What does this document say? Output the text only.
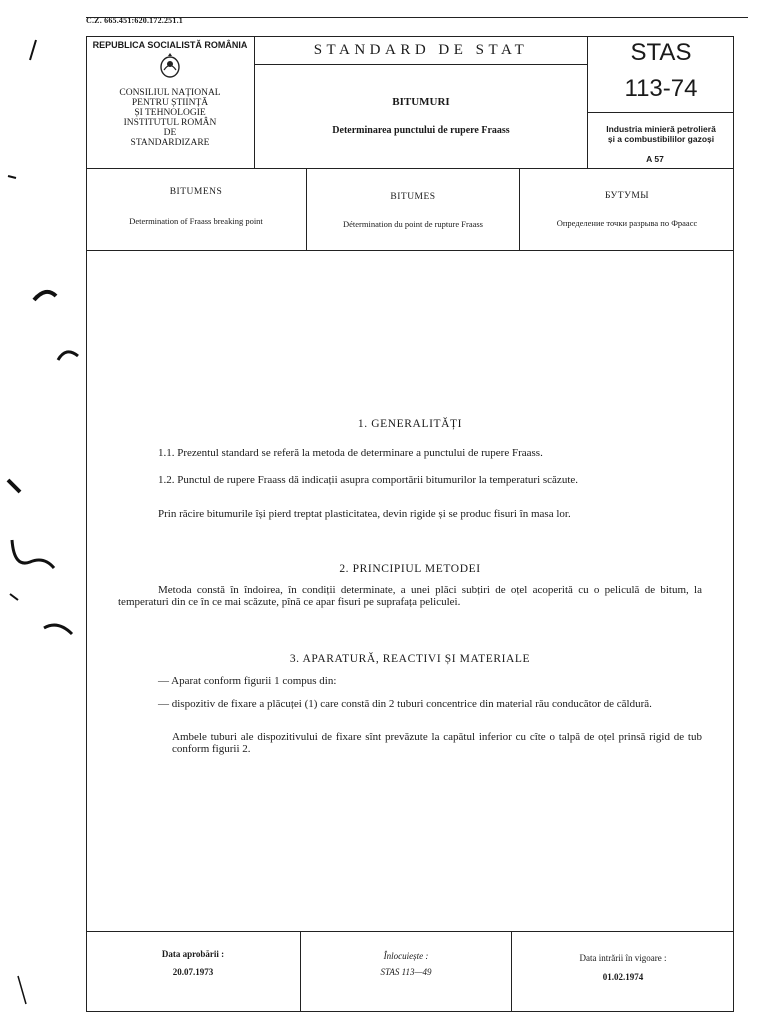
C.Z. 665.451:620.172.251.1
REPUBLICA SOCIALISTĂ ROMÂNIA
CONSILIUL NAȚIONAL
PENTRU ȘTIINȚĂ
ȘI TEHNOLOGIE
INSTITUTUL ROMÂN
DE
STANDARDIZARE
STANDARD DE STAT
BITUMURI
Determinarea punctului de rupere Fraass
STAS
113-74
Industria minieră petrolieră
și a combustibililor gazoși
A 57
BITUMENS
Determination of Fraass breaking point
BITUMES
Détermination du point de rupture Fraass
БУТУМЫ
Определение точки разрыва по Фраасс
1. GENERALITĂȚI
1.1. Prezentul standard se referă la metoda de determinare a punctului de rupere Fraass.
1.2. Punctul de rupere Fraass dă indicații asupra comportării bitumurilor la temperaturi scăzute.
Prin răcire bitumurile își pierd treptat plasticitatea, devin rigide și se produc fisuri în masa lor.
2. PRINCIPIUL METODEI
Metoda constă în îndoirea, în condiții determinate, a unei plăci subțiri de oțel acoperită cu o peliculă de bitum, la temperaturi din ce în ce mai scăzute, pînă ce apar fisuri pe suprafața peliculei.
3. APARATURĂ, REACTIVI ȘI MATERIALE
— Aparat conform figurii 1 compus din:
— dispozitiv de fixare a plăcuței (1) care constă din 2 tuburi concentrice din material rău conducător de căldură.
Ambele tuburi ale dispozitivului de fixare sînt prevăzute la capătul inferior cu cîte o talpă de oțel prinsă rigid de tub conform figurii 2.
Data aprobării :
20.07.1973
Înlocuiește :
STAS 113—49
Data intrării în vigoare :
01.02.1974
